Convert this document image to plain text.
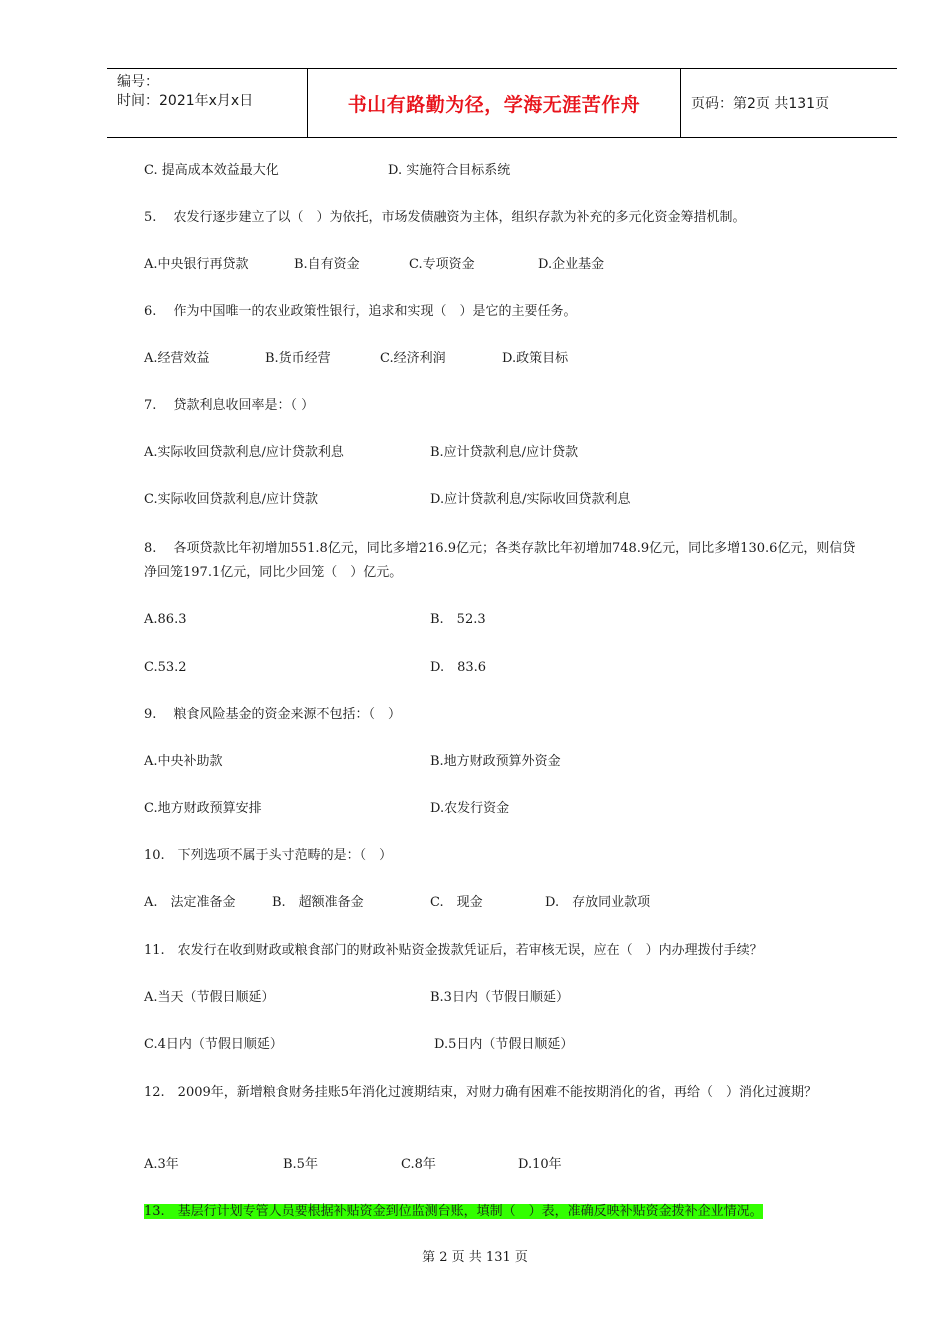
编号：
时间：2021年x月x日	书山有路勤为径，学海无涯苦作舟	页码：第2页 共131页
C. 提高成本效益最大化	D. 实施符合目标系统
5.　 农发行逐步建立了以（　）为依托，市场发债融资为主体，组织存款为补充的多元化资金筹措机制。
A.中央银行再贷款	B.自有资金	C.专项资金	D.企业基金
6.　 作为中国唯一的农业政策性银行，追求和实现（　）是它的主要任务。
A.经营效益	B.货币经营	C.经济利润	D.政策目标
7.　 贷款利息收回率是：（ ）
A.实际收回贷款利息/应计贷款利息	B.应计贷款利息/应计贷款
C.实际收回贷款利息/应计贷款	D.应计贷款利息/实际收回贷款利息
8.　 各项贷款比年初增加551.8亿元，同比多增216.9亿元；各类存款比年初增加748.9亿元，同比多增130.6亿元，则信贷净回笼197.1亿元，同比少回笼（　）亿元。
A.86.3	B.　52.3
C.53.2	D.　83.6
9.　 粮食风险基金的资金来源不包括：（　）
A.中央补助款	B.地方财政预算外资金
C.地方财政预算安排	D.农发行资金
10.　下列选项不属于头寸范畴的是：（　）
A.　法定准备金	B.　超额准备金	C.　现金	D.　存放同业款项
11.　农发行在收到财政或粮食部门的财政补贴资金拨款凭证后，若审核无误，应在（　）内办理拨付手续？
A.当天（节假日顺延）	B.3日内（节假日顺延）
C.4日内（节假日顺延）	D.5日内（节假日顺延）
12.　2009年，新增粮食财务挂账5年消化过渡期结束，对财力确有困难不能按期消化的省，再给（　）消化过渡期？
A.3年	B.5年	C.8年	D.10年
13.　基层行计划专管人员要根据补贴资金到位监测台账，填制（　）表，准确反映补贴资金拨补企业情况。
第 2 页 共 131 页
